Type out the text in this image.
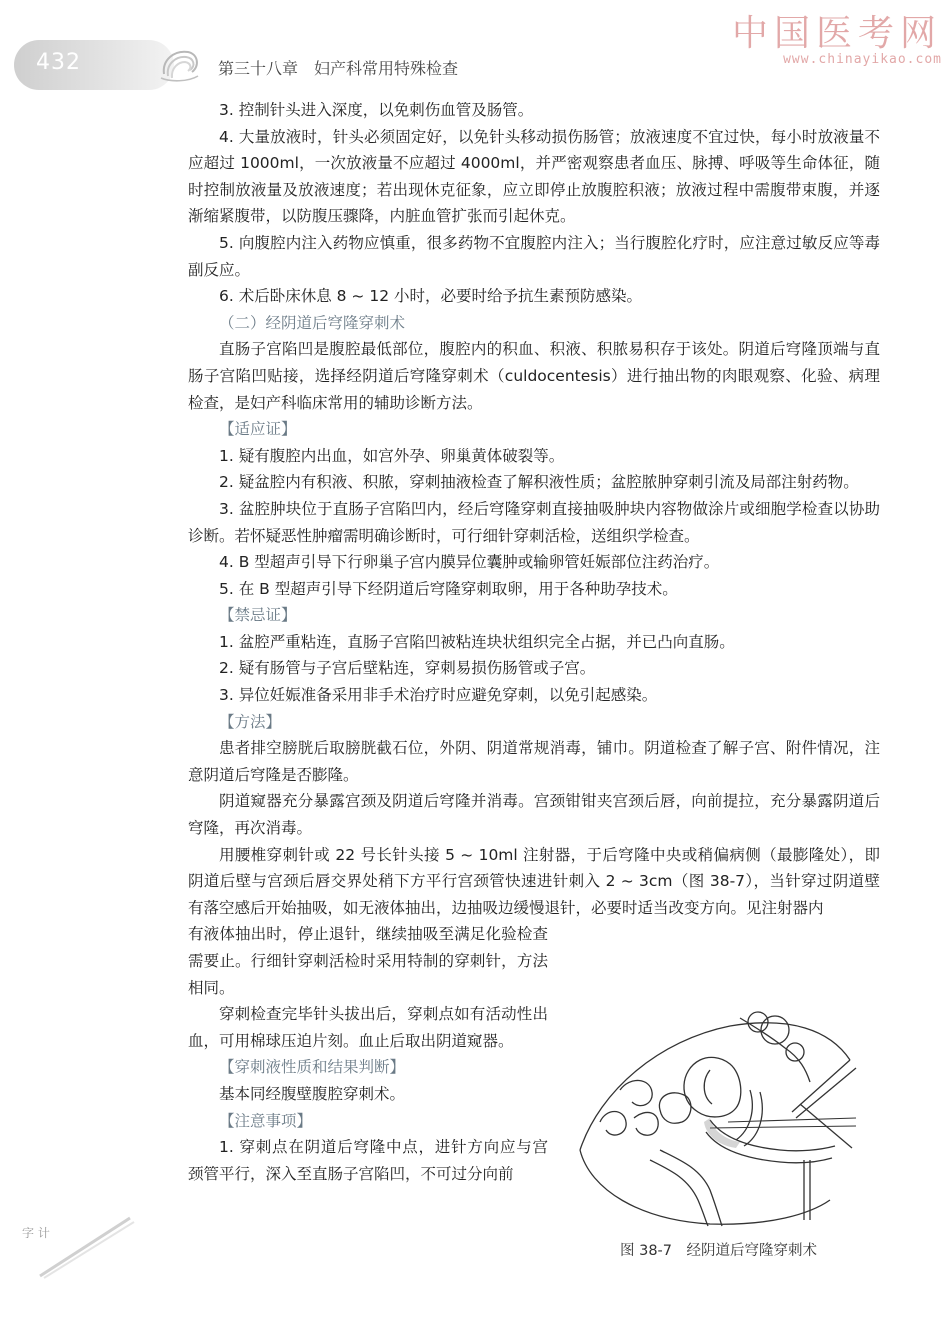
432	第三十八章　妇产科常用特殊检查
中国医考网
www.chinayikao.com

3. 控制针头进入深度，以免刺伤血管及肠管。

4. 大量放液时，针头必须固定好，以免针头移动损伤肠管；放液速度不宜过快，每小时放液量不应超过 1000ml，一次放液量不应超过 4000ml，并严密观察患者血压、脉搏、呼吸等生命体征，随时控制放液量及放液速度；若出现休克征象，应立即停止放腹腔积液；放液过程中需腹带束腹，并逐渐缩紧腹带，以防腹压骤降，内脏血管扩张而引起休克。

5. 向腹腔内注入药物应慎重，很多药物不宜腹腔内注入；当行腹腔化疗时，应注意过敏反应等毒副反应。

6. 术后卧床休息 8 ~ 12 小时，必要时给予抗生素预防感染。

（二）经阴道后穹隆穿刺术

直肠子宫陷凹是腹腔最低部位，腹腔内的积血、积液、积脓易积存于该处。阴道后穹隆顶端与直肠子宫陷凹贴接，选择经阴道后穹隆穿刺术（culdocentesis）进行抽出物的肉眼观察、化验、病理检查，是妇产科临床常用的辅助诊断方法。

【适应证】

1. 疑有腹腔内出血，如宫外孕、卵巢黄体破裂等。

2. 疑盆腔内有积液、积脓，穿刺抽液检查了解积液性质；盆腔脓肿穿刺引流及局部注射药物。

3. 盆腔肿块位于直肠子宫陷凹内，经后穹隆穿刺直接抽吸肿块内容物做涂片或细胞学检查以协助诊断。若怀疑恶性肿瘤需明确诊断时，可行细针穿刺活检，送组织学检查。

4. B 型超声引导下行卵巢子宫内膜异位囊肿或输卵管妊娠部位注药治疗。

5. 在 B 型超声引导下经阴道后穹隆穿刺取卵，用于各种助孕技术。

【禁忌证】

1. 盆腔严重粘连，直肠子宫陷凹被粘连块状组织完全占据，并已凸向直肠。

2. 疑有肠管与子宫后壁粘连，穿刺易损伤肠管或子宫。

3. 异位妊娠准备采用非手术治疗时应避免穿刺，以免引起感染。

【方法】

患者排空膀胱后取膀胱截石位，外阴、阴道常规消毒，铺巾。阴道检查了解子宫、附件情况，注意阴道后穹隆是否膨隆。

阴道窥器充分暴露宫颈及阴道后穹隆并消毒。宫颈钳钳夹宫颈后唇，向前提拉，充分暴露阴道后穹隆，再次消毒。

用腰椎穿刺针或 22 号长针头接 5 ~ 10ml 注射器，于后穹隆中央或稍偏病侧（最膨隆处），即阴道后壁与宫颈后唇交界处稍下方平行宫颈管快速进针刺入 2 ~ 3cm（图 38-7），当针穿过阴道壁有落空感后开始抽吸，如无液体抽出，边抽吸边缓慢退针，必要时适当改变方向。见注射器内

有液体抽出时，停止退针，继续抽吸至满足化验检查需要止。行细针穿刺活检时采用特制的穿刺针，方法相同。

穿刺检查完毕针头拔出后，穿刺点如有活动性出血，可用棉球压迫片刻。血止后取出阴道窥器。

【穿刺液性质和结果判断】

基本同经腹壁腹腔穿刺术。

【注意事项】

1. 穿刺点在阴道后穹隆中点，进针方向应与宫颈管平行，深入至直肠子宫陷凹，不可过分向前

图 38-7　经阴道后穹隆穿刺术
字 计
